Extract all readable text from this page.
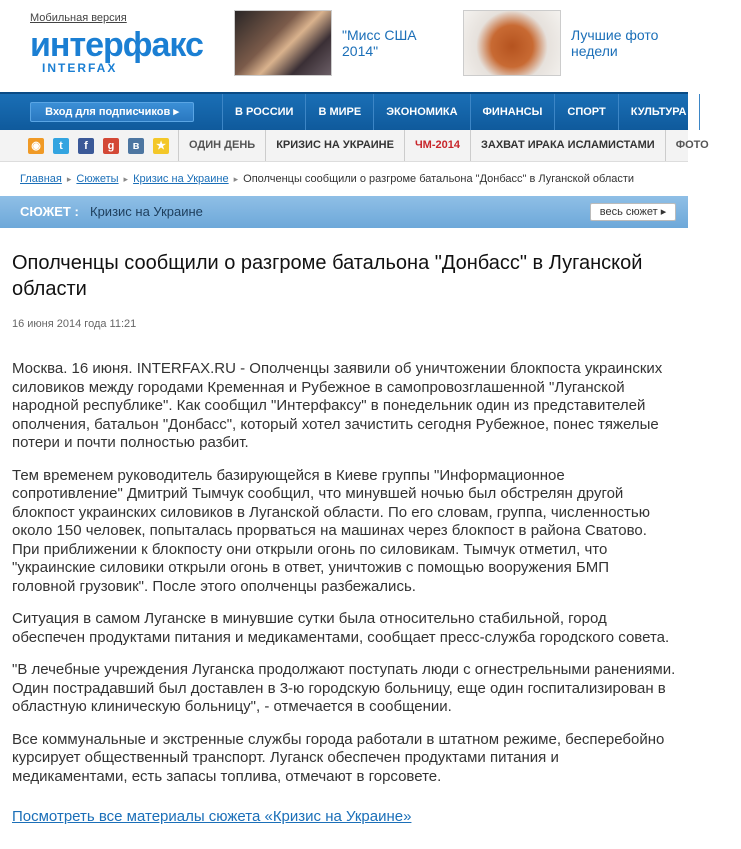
Мобильная версия
интерфакс
INTERFAX
"Мисс США 2014"
Лучшие фото недели
Вход для подписчиков ▸	В РОССИИ	В МИРЕ	ЭКОНОМИКА	ФИНАНСЫ	СПОРТ	КУЛЬТУРА	МО
◉	t	f	g	в	★	ОДИН ДЕНЬ	КРИЗИС НА УКРАИНЕ	ЧМ-2014	ЗАХВАТ ИРАКА ИСЛАМИСТАМИ	ФОТО
Главная ▸ Сюжеты ▸ Кризис на Украине ▸ Ополченцы сообщили о разгроме батальона "Донбасс" в Луганской области
СЮЖЕТ : Кризис на Украине	весь сюжет ▸
Ополченцы сообщили о разгроме батальона "Донбасс" в Луганской области
16 июня 2014 года 11:21

Москва. 16 июня. INTERFAX.RU - Ополченцы заявили об уничтожении блокпоста украинских силовиков между городами Кременная и Рубежное в самопровозглашенной "Луганской народной республике". Как сообщил "Интерфаксу" в понедельник один из представителей ополчения, батальон "Донбасс", который хотел зачистить сегодня Рубежное, понес тяжелые потери и почти полностью разбит.

Тем временем руководитель базирующейся в Киеве группы "Информационное сопротивление" Дмитрий Тымчук сообщил, что минувшей ночью был обстрелян другой блокпост украинских силовиков в Луганской области. По его словам, группа, численностью около 150 человек, попыталась прорваться на машинах через блокпост в района Сватово. При приближении к блокпосту они открыли огонь по силовикам. Тымчук отметил, что "украинские силовики открыли огонь в ответ, уничтожив с помощью вооружения БМП головной грузовик". После этого ополченцы разбежались.

Ситуация в самом Луганске в минувшие сутки была относительно стабильной, город обеспечен продуктами питания и медикаментами, сообщает пресс-служба городского совета.

"В лечебные учреждения Луганска продолжают поступать люди с огнестрельными ранениями. Один пострадавший был доставлен в 3-ю городскую больницу, еще один госпитализирован в областную клиническую больницу", - отмечается в сообщении.

Все коммунальные и экстренные службы города работали в штатном режиме, бесперебойно курсирует общественный транспорт. Луганск обеспечен продуктами питания и медикаментами, есть запасы топлива, отмечают в горсовете.

Посмотреть все материалы сюжета «Кризис на Украине»
